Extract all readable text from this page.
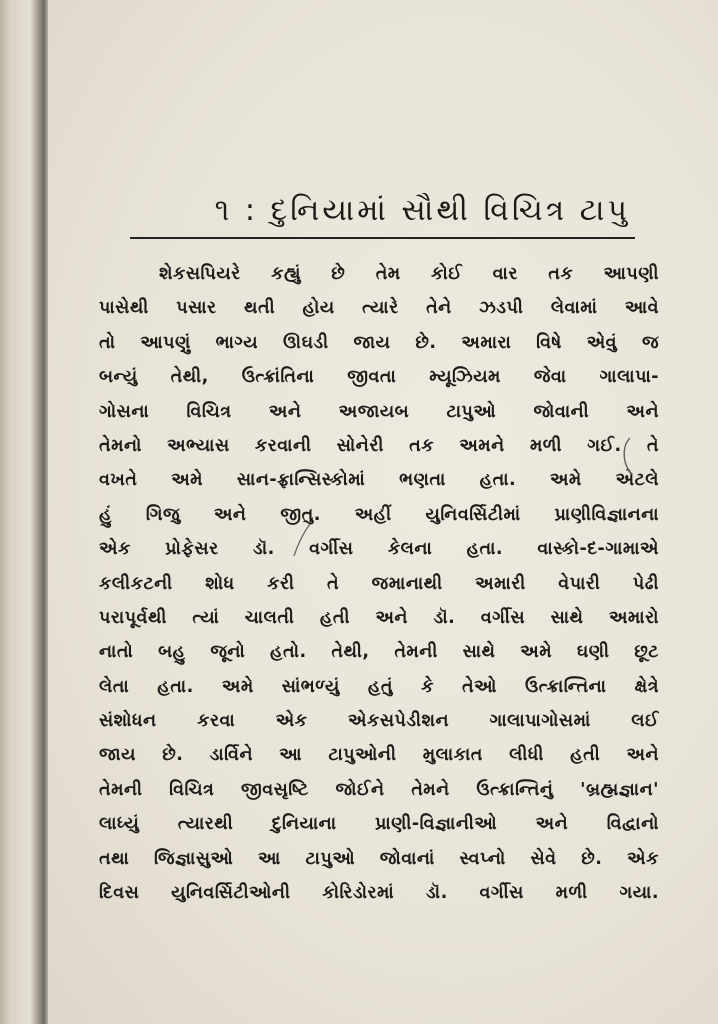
૧ : દુનિયામાં સૌથી વિચિત્ર ટાપુ
શેકસપિયરે કહ્યું છે તેમ કોઈ વાર તક આપણી
પાસેથી પસાર થતી હોય ત્યારે તેને ઝડપી લેવામાં આવે
તો આપણું ભાગ્ય ઊઘડી જાય છે. અમારા વિષે એવું જ
બન્યું તેથી, ઉત્ક્રાંતિના જીવતા મ્યૂઝિયમ જેવા ગાલાપા-
ગોસના વિચિત્ર અને અજાયબ ટાપુઓ જોવાની અને
તેમનો અભ્યાસ કરવાની સોનેરી તક અમને મળી ગઈ. તે
વખતે અમે સાન-ફ્રાન્સિસ્કોમાં ભણતા હતા. અમે એટલે
હું ગિજુ અને જીતુ. અહીં યુનિવર્સિટીમાં પ્રાણીવિજ્ઞાનના
એક પ્રોફેસર ડૉ. વર્ગીસ કેલના હતા. વાસ્કો-દ-ગામાએ
કલીકટની શોધ કરી તે જમાનાથી અમારી વેપારી પેઢી
પરાપૂર્વથી ત્યાં ચાલતી હતી અને ડૉ. વર્ગીસ સાથે અમારો
નાતો બહુ જૂનો હતો. તેથી, તેમની સાથે અમે ઘણી છૂટ
લેતા હતા. અમે સાંભળ્યું હતું કે તેઓ ઉત્ક્રાન્તિના ક્ષેત્રે
સંશોધન કરવા એક એકસપેડીશન ગાલાપાગોસમાં લઈ
જાય છે. ડાર્વિને આ ટાપુઓની મુલાકાત લીધી હતી અને
તેમની વિચિત્ર જીવસૃષ્ટિ જોઈને તેમને ઉત્ક્રાન્તિનું 'બ્રહ્મજ્ઞાન'
લાધ્યું ત્યારથી દુનિયાના પ્રાણી-વિજ્ઞાનીઓ અને વિદ્વાનો
તથા જિજ્ઞાસુઓ આ ટાપુઓ જોવાનાં સ્વપ્નો સેવે છે. એક
દિવસ યુનિવર્સિટીઓની કોરિડોરમાં ડૉ. વર્ગીસ મળી ગયા.
